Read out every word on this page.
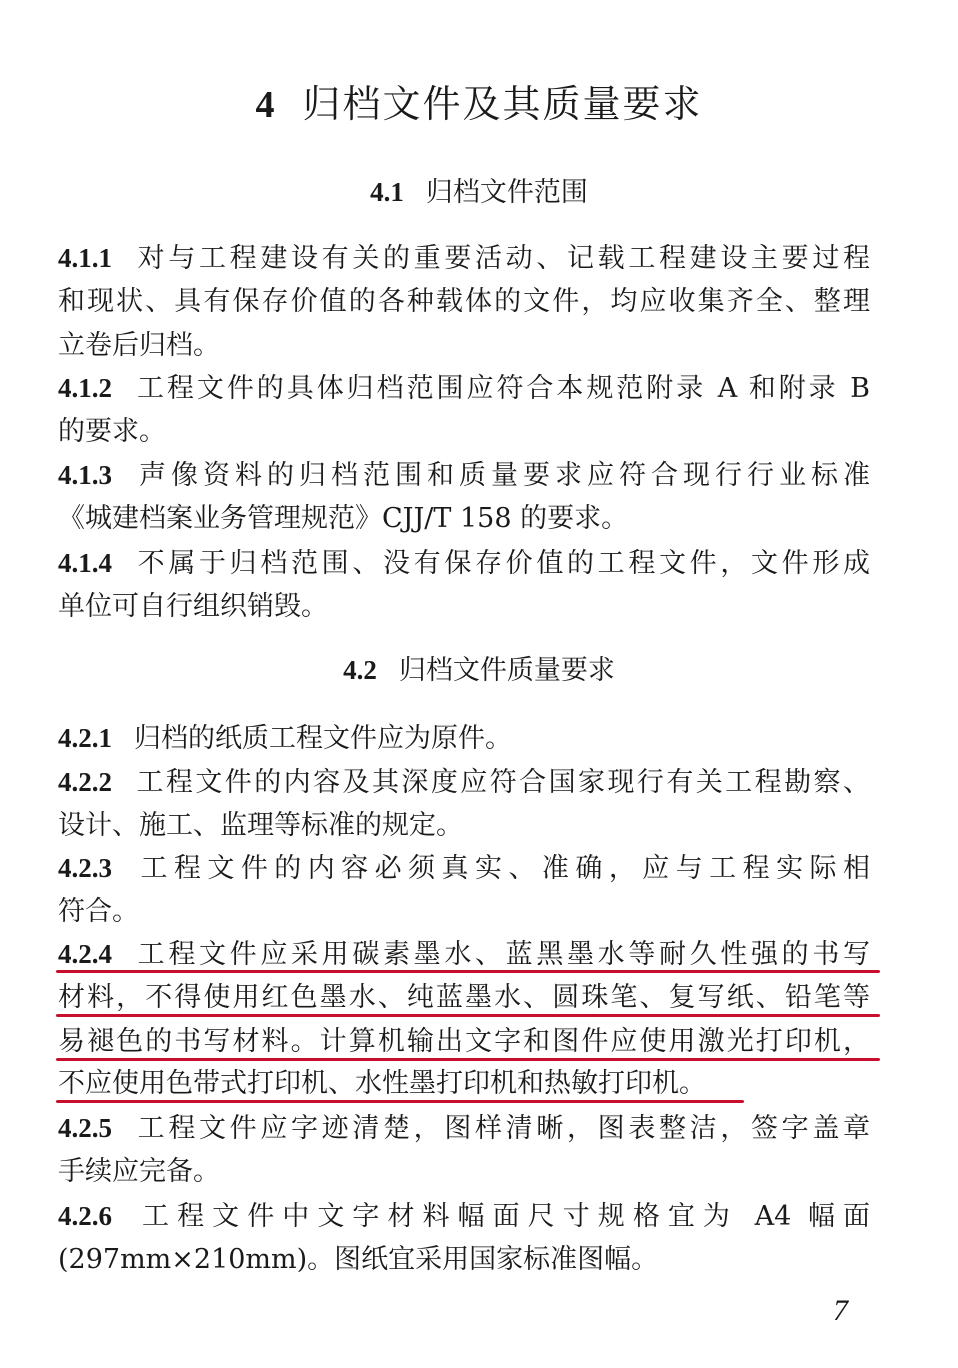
4 归档文件及其质量要求
4.1 归档文件范围
4.1.1 对与工程建设有关的重要活动、记载工程建设主要过程
和现状、具有保存价值的各种载体的文件，均应收集齐全、整理
立卷后归档。
4.1.2 工程文件的具体归档范围应符合本规范附录 A 和附录 B
的要求。
4.1.3 声像资料的归档范围和质量要求应符合现行行业标准
《城建档案业务管理规范》CJJ/T 158 的要求。
4.1.4 不属于归档范围、没有保存价值的工程文件，文件形成
单位可自行组织销毁。
4.2 归档文件质量要求
4.2.1 归档的纸质工程文件应为原件。
4.2.2 工程文件的内容及其深度应符合国家现行有关工程勘察、
设计、施工、监理等标准的规定。
4.2.3 工程文件的内容必须真实、准确，应与工程实际相
符合。
4.2.4 工程文件应采用碳素墨水、蓝黑墨水等耐久性强的书写
材料，不得使用红色墨水、纯蓝墨水、圆珠笔、复写纸、铅笔等
易褪色的书写材料。计算机输出文字和图件应使用激光打印机，
不应使用色带式打印机、水性墨打印机和热敏打印机。
4.2.5 工程文件应字迹清楚，图样清晰，图表整洁，签字盖章
手续应完备。
4.2.6 工程文件中文字材料幅面尺寸规格宜为 A4 幅面
(297mm×210mm)。图纸宜采用国家标准图幅。
7
